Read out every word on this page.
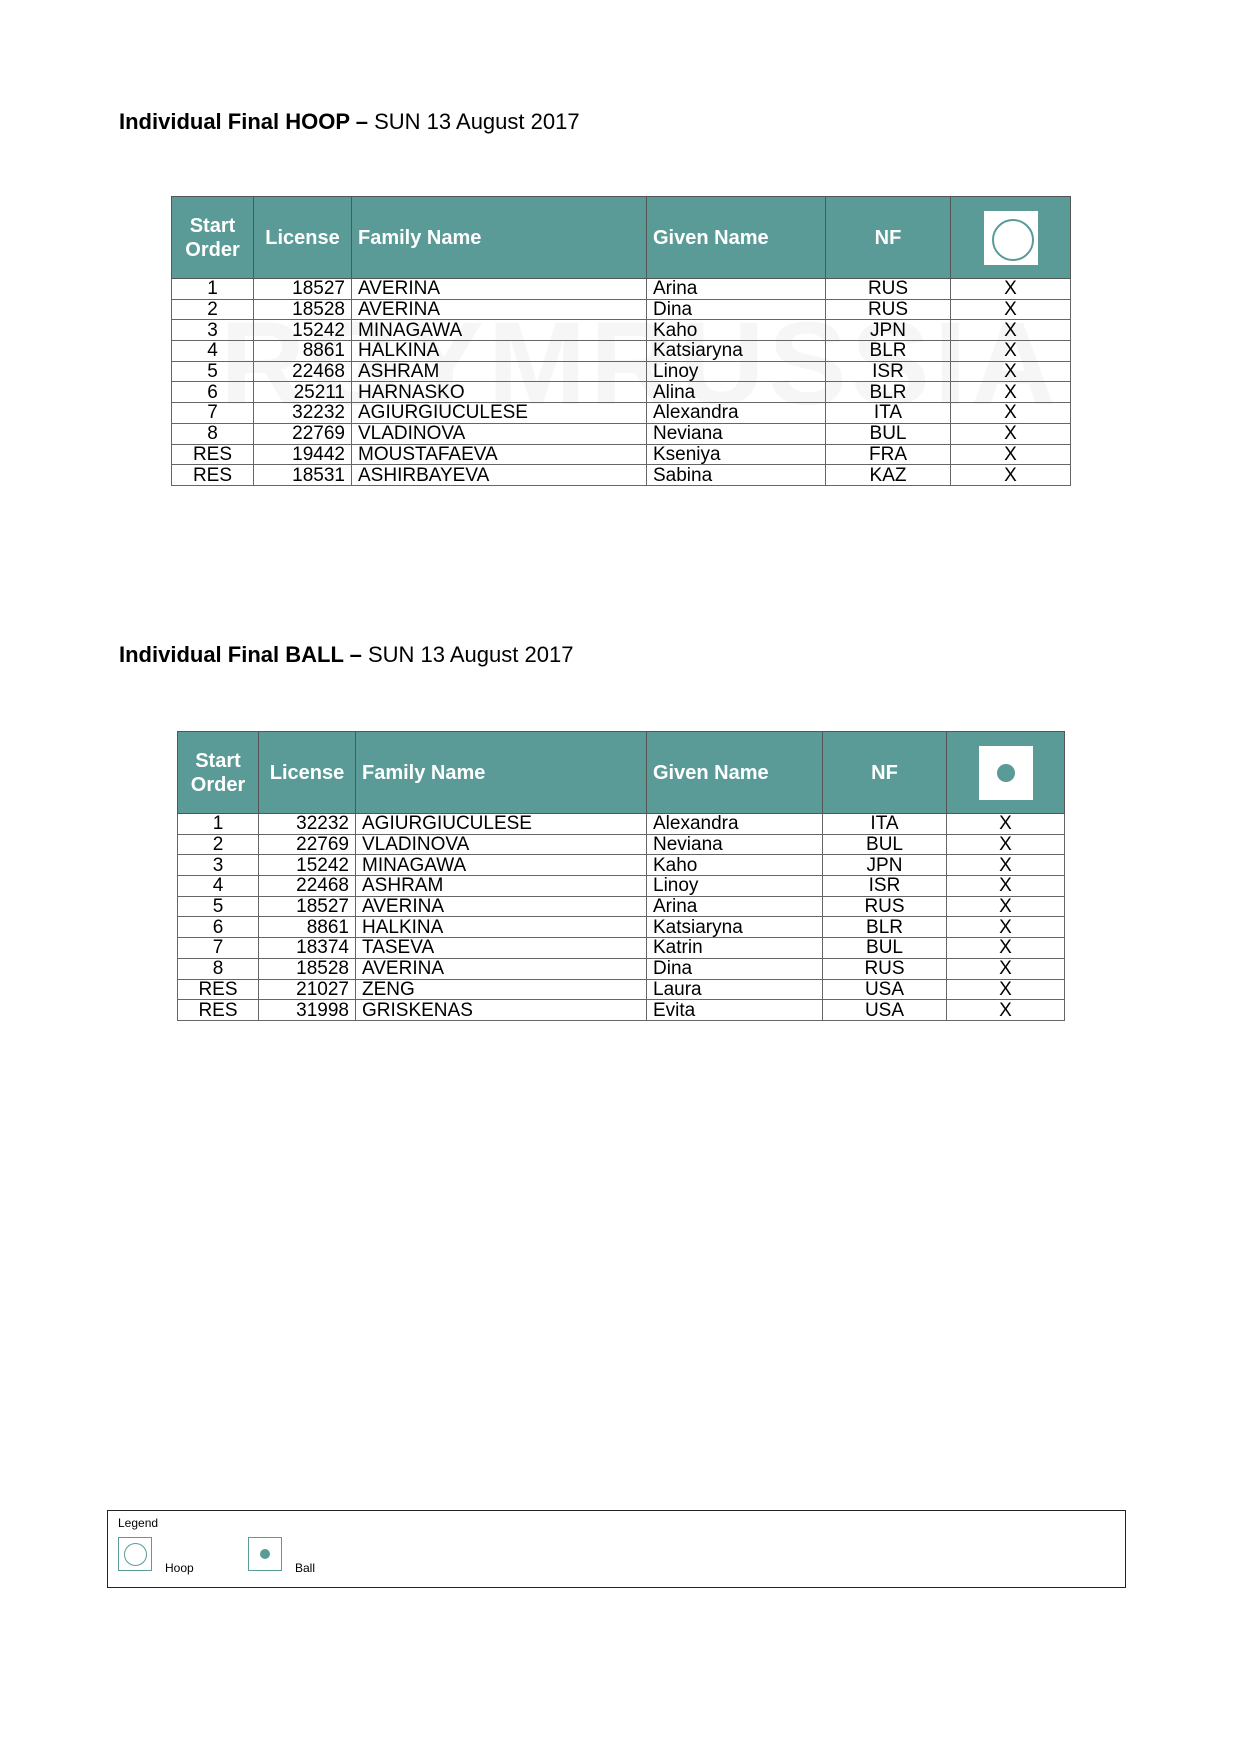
Individual Final HOOP – SUN 13 August 2017
Start Order	License	Family Name	Given Name	NF	
1	18527	AVERINA	Arina	RUS	X
2	18528	AVERINA	Dina	RUS	X
3	15242	MINAGAWA	Kaho	JPN	X
4	8861	HALKINA	Katsiaryna	BLR	X
5	22468	ASHRAM	Linoy	ISR	X
6	25211	HARNASKO	Alina	BLR	X
7	32232	AGIURGIUCULESE	Alexandra	ITA	X
8	22769	VLADINOVA	Neviana	BUL	X
RES	19442	MOUSTAFAEVA	Kseniya	FRA	X
RES	18531	ASHIRBAYEVA	Sabina	KAZ	X
Individual Final BALL – SUN 13 August 2017
Start Order	License	Family Name	Given Name	NF	
1	32232	AGIURGIUCULESE	Alexandra	ITA	X
2	22769	VLADINOVA	Neviana	BUL	X
3	15242	MINAGAWA	Kaho	JPN	X
4	22468	ASHRAM	Linoy	ISR	X
5	18527	AVERINA	Arina	RUS	X
6	8861	HALKINA	Katsiaryna	BLR	X
7	18374	TASEVA	Katrin	BUL	X
8	18528	AVERINA	Dina	RUS	X
RES	21027	ZENG	Laura	USA	X
RES	31998	GRISKENAS	Evita	USA	X
Legend
Hoop	Ball
